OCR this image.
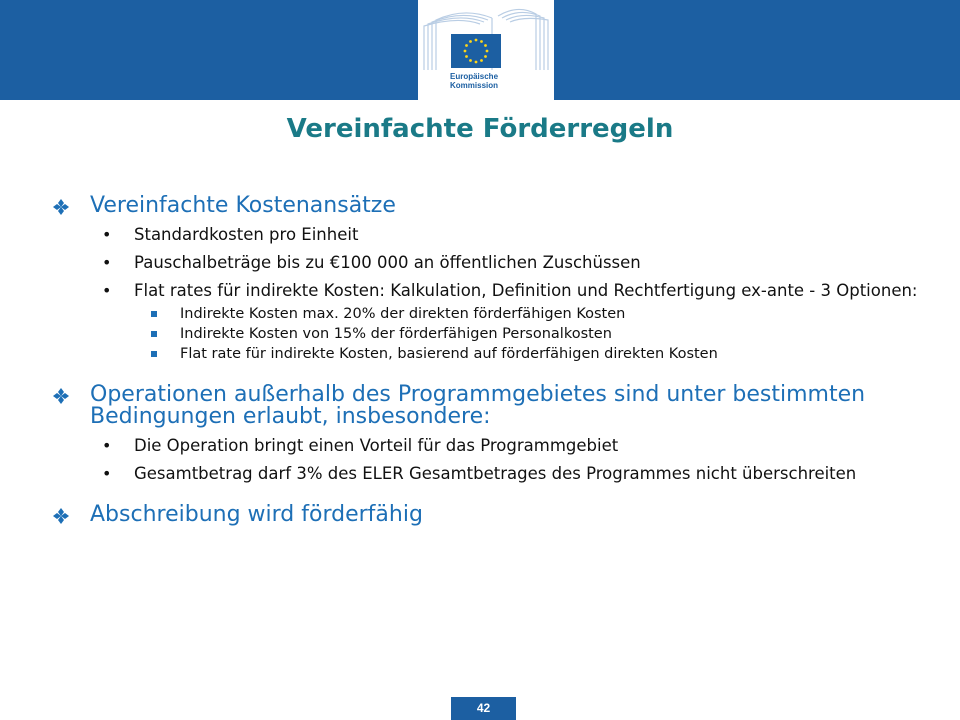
Europäische
Kommission
Vereinfachte Förderregeln
Vereinfachte Kostenansätze
• Standardkosten pro Einheit
• Pauschalbeträge bis zu €100 000 an öffentlichen Zuschüssen
• Flat rates für indirekte Kosten: Kalkulation, Definition und Rechtfertigung ex-ante - 3 Optionen:
Indirekte Kosten max. 20% der direkten förderfähigen Kosten
Indirekte Kosten von 15% der förderfähigen Personalkosten
Flat rate für indirekte Kosten, basierend auf förderfähigen direkten Kosten
Operationen außerhalb des Programmgebietes sind unter bestimmten Bedingungen erlaubt, insbesondere:
• Die Operation bringt einen Vorteil für das Programmgebiet
• Gesamtbetrag darf 3% des ELER Gesamtbetrages des Programmes nicht überschreiten
Abschreibung wird förderfähig
42
